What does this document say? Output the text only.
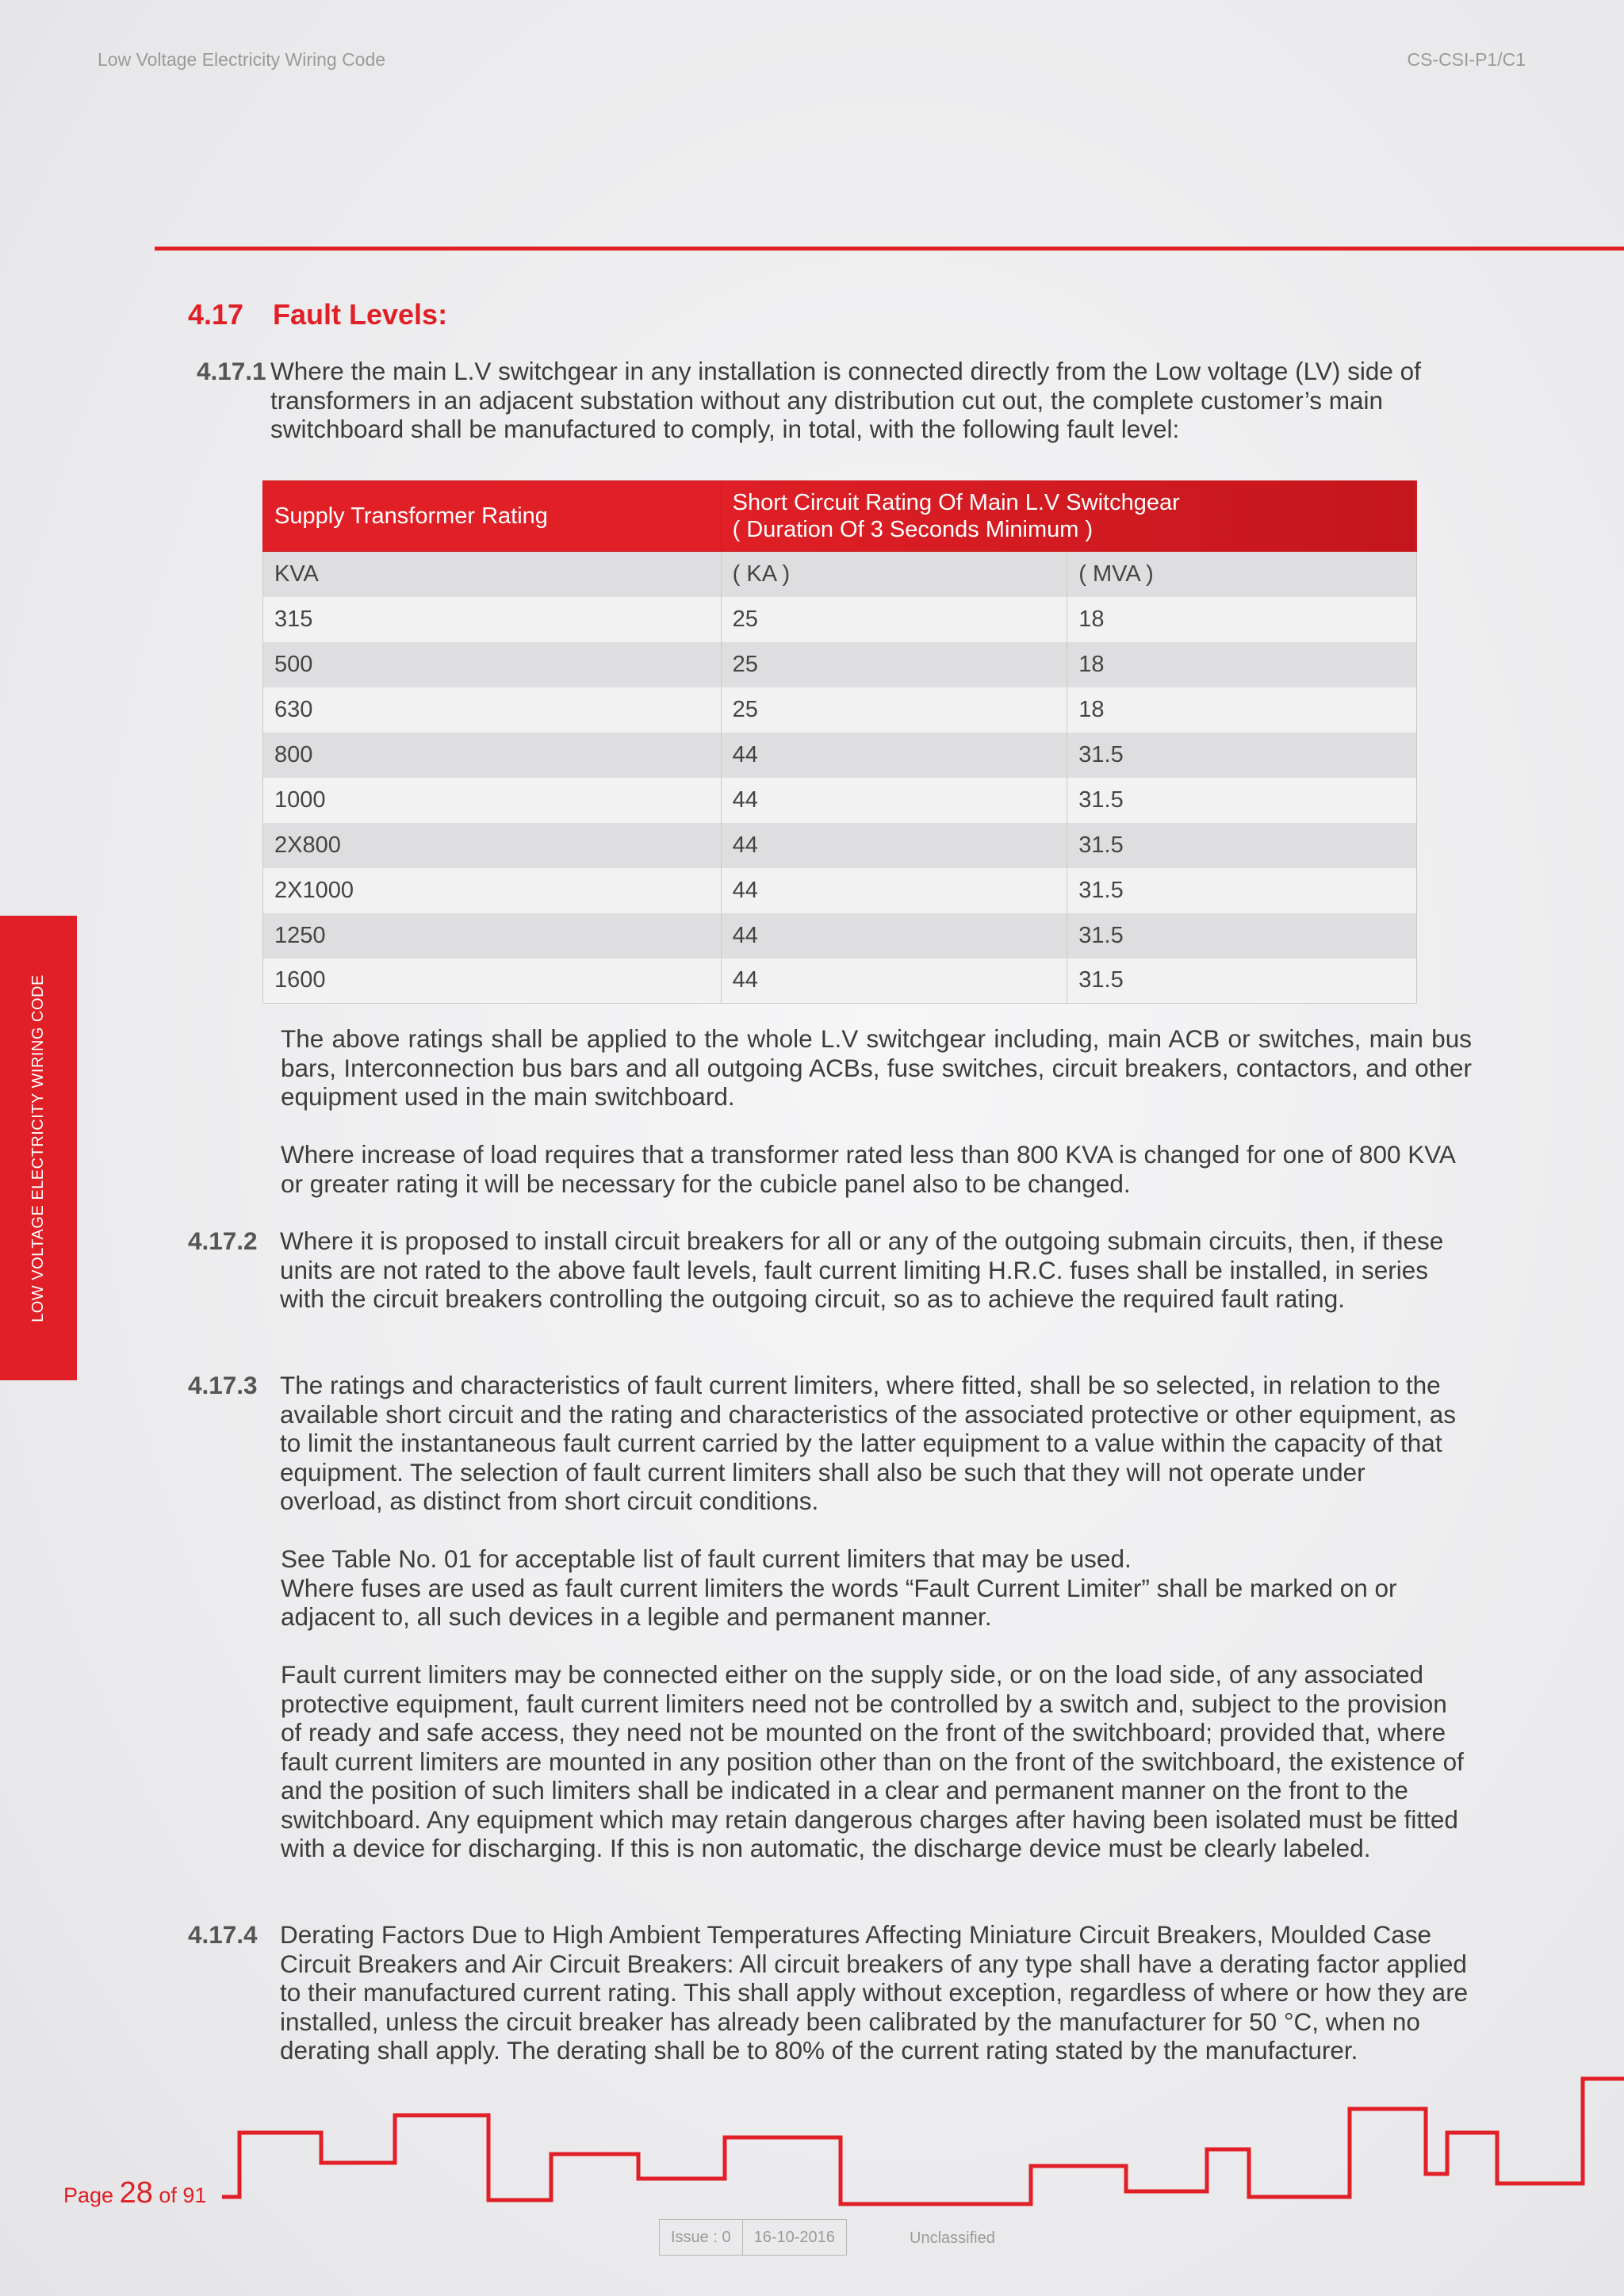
Low Voltage Electricity Wiring Code	CS-CSI-P1/C1
LOW VOLTAGE ELECTRICITY WIRING CODE
4.17 Fault Levels:
4.17.1 Where the main L.V switchgear in any installation is connected directly from the Low voltage (LV) side of transformers in an adjacent substation without any distribution cut out, the complete customer’s main switchboard shall be manufactured to comply, in total, with the following fault level:
Supply Transformer Rating	Short Circuit Rating Of Main L.V Switchgear
( Duration Of 3 Seconds Minimum )	

KVA	( KA )	( MVA )
315	25	18
500	25	18
630	25	18
800	44	31.5
1000	44	31.5
2X800	44	31.5
2X1000	44	31.5
1250	44	31.5
1600	44	31.5
The above ratings shall be applied to the whole L.V switchgear including, main ACB or switches, main bus bars, Interconnection bus bars and all outgoing ACBs, fuse switches, circuit breakers, contactors, and other equipment used in the main switchboard.
Where increase of load requires that a transformer rated less than 800 KVA is changed for one of 800 KVA or greater rating it will be necessary for the cubicle panel also to be changed.
4.17.2 Where it is proposed to install circuit breakers for all or any of the outgoing submain circuits, then, if these units are not rated to the above fault levels, fault current limiting H.R.C. fuses shall be installed, in series with the circuit breakers controlling the outgoing circuit, so as to achieve the required fault rating.
4.17.3 The ratings and characteristics of fault current limiters, where fitted, shall be so selected, in relation to the available short circuit and the rating and characteristics of the associated protective or other equipment, as to limit the instantaneous fault current carried by the latter equipment to a value within the capacity of that equipment. The selection of fault current limiters shall also be such that they will not operate under overload, as distinct from short circuit conditions.
See Table No. 01 for acceptable list of fault current limiters that may be used.
Where fuses are used as fault current limiters the words “Fault Current Limiter” shall be marked on or adjacent to, all such devices in a legible and permanent manner.
Fault current limiters may be connected either on the supply side, or on the load side, of any associated protective equipment, fault current limiters need not be controlled by a switch and, subject to the provision of ready and safe access, they need not be mounted on the front of the switchboard; provided that, where fault current limiters are mounted in any position other than on the front of the switchboard, the existence of and the position of such limiters shall be indicated in a clear and permanent manner on the front to the switchboard. Any equipment which may retain dangerous charges after having been isolated must be fitted with a device for discharging. If this is non automatic, the discharge device must be clearly labeled.
4.17.4 Derating Factors Due to High Ambient Temperatures Affecting Miniature Circuit Breakers, Moulded Case Circuit Breakers and Air Circuit Breakers: All circuit breakers of any type shall have a derating factor applied to their manufactured current rating. This shall apply without exception, regardless of where or how they are installed, unless the circuit breaker has already been calibrated by the manufacturer for 50 °C, when no derating shall apply. The derating shall be to 80% of the current rating stated by the manufacturer.
Page 28 of 91
Issue : 0	16-10-2016	Unclassified
